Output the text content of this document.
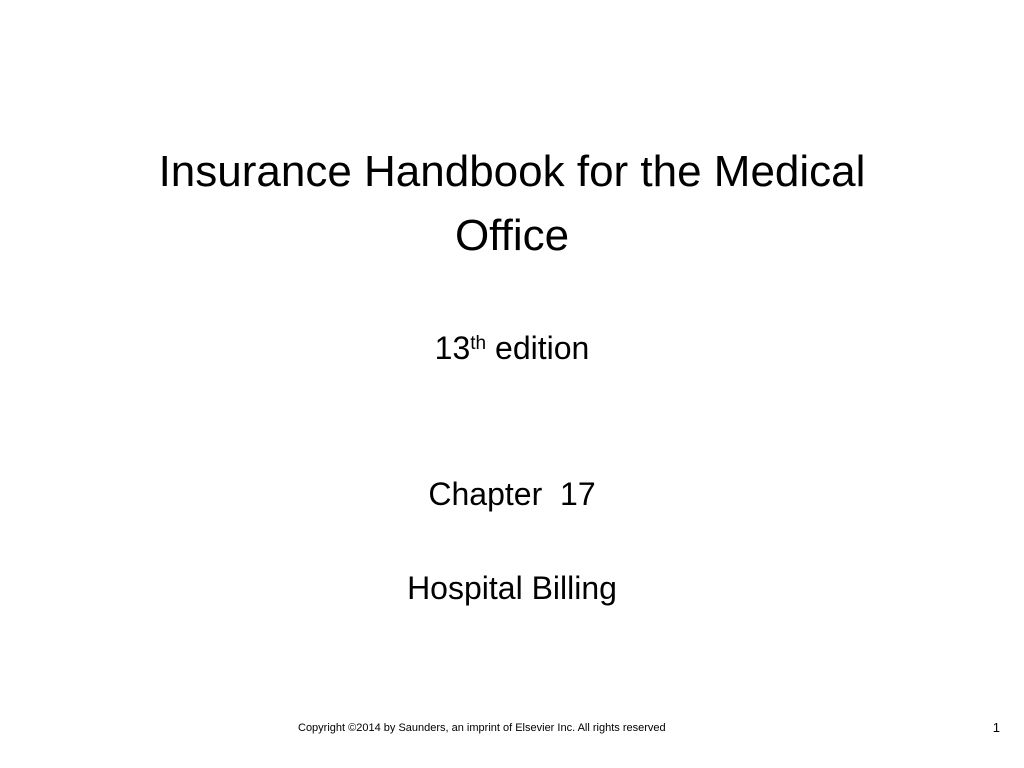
Insurance Handbook for the Medical
Office
13th edition
Chapter  17
Hospital Billing
Copyright ©2014 by Saunders, an imprint of Elsevier Inc. All rights reserved	1
